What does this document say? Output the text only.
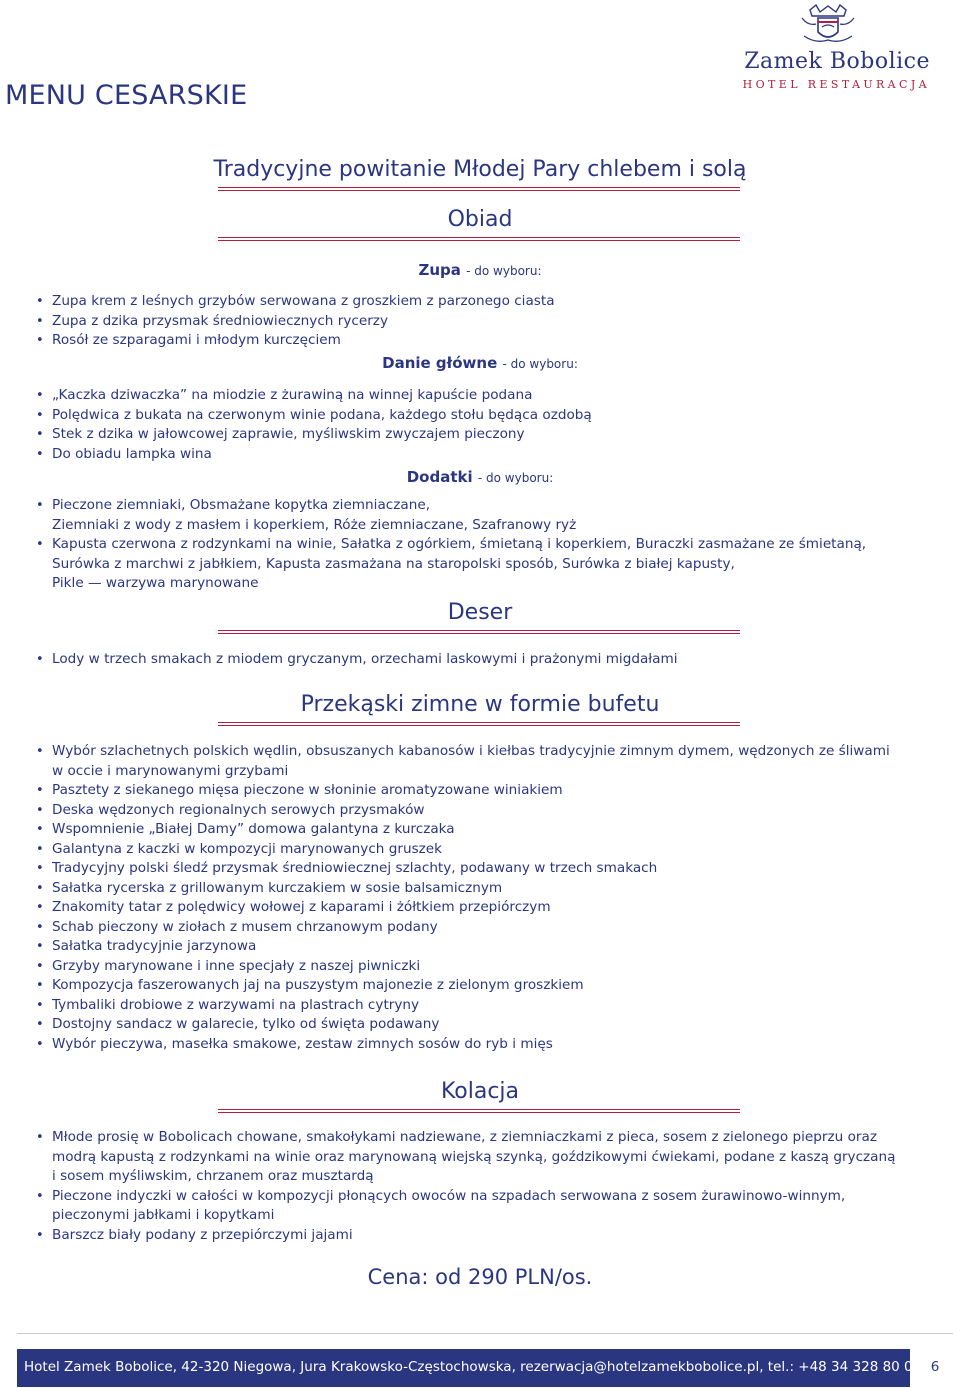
MENU CESARSKIE
Zamek Bobolice
HOTEL RESTAURACJA
Tradycyjne powitanie Młodej Pary chlebem i solą
Obiad
Zupa - do wyboru:
• Zupa krem z leśnych grzybów serwowana z groszkiem z parzonego ciasta
• Zupa z dzika przysmak średniowiecznych rycerzy
• Rosół ze szparagami i młodym kurczęciem
Danie główne - do wyboru:
• „Kaczka dziwaczka” na miodzie z żurawiną na winnej kapuście podana
• Polędwica z bukata na czerwonym winie podana, każdego stołu będąca ozdobą
• Stek z dzika w jałowcowej zaprawie, myśliwskim zwyczajem pieczony
• Do obiadu lampka wina
Dodatki - do wyboru:
• Pieczone ziemniaki, Obsmażane kopytka ziemniaczane,
Ziemniaki z wody z masłem i koperkiem, Róże ziemniaczane, Szafranowy ryż
• Kapusta czerwona z rodzynkami na winie, Sałatka z ogórkiem, śmietaną i koperkiem, Buraczki zasmażane ze śmietaną,
Surówka z marchwi z jabłkiem, Kapusta zasmażana na staropolski sposób, Surówka z białej kapusty,
Pikle — warzywa marynowane
Deser
• Lody w trzech smakach z miodem gryczanym, orzechami laskowymi i prażonymi migdałami
Przekąski zimne w formie bufetu
• Wybór szlachetnych polskich wędlin, obsuszanych kabanosów i kiełbas tradycyjnie zimnym dymem, wędzonych ze śliwami
w occie i marynowanymi grzybami
• Pasztety z siekanego mięsa pieczone w słoninie aromatyzowane winiakiem
• Deska wędzonych regionalnych serowych przysmaków
• Wspomnienie „Białej Damy” domowa galantyna z kurczaka
• Galantyna z kaczki w kompozycji marynowanych gruszek
• Tradycyjny polski śledź przysmak średniowiecznej szlachty, podawany w trzech smakach
• Sałatka rycerska z grillowanym kurczakiem w sosie balsamicznym
• Znakomity tatar z polędwicy wołowej z kaparami i żółtkiem przepiórczym
• Schab pieczony w ziołach z musem chrzanowym podany
• Sałatka tradycyjnie jarzynowa
• Grzyby marynowane i inne specjały z naszej piwniczki
• Kompozycja faszerowanych jaj na puszystym majonezie z zielonym groszkiem
• Tymbaliki drobiowe z warzywami na plastrach cytryny
• Dostojny sandacz w galarecie, tylko od święta podawany
• Wybór pieczywa, masełka smakowe, zestaw zimnych sosów do ryb i mięs
Kolacja
• Młode prosię w Bobolicach chowane, smakołykami nadziewane, z ziemniaczkami z pieca, sosem z zielonego pieprzu oraz
modrą kapustą z rodzynkami na winie oraz marynowaną wiejską szynką, goździkowymi ćwiekami, podane z kaszą gryczaną
i sosem myśliwskim, chrzanem oraz musztardą
• Pieczone indyczki w całości w kompozycji płonących owoców na szpadach serwowana z sosem żurawinowo-winnym,
pieczonymi jabłkami i kopytkami
• Barszcz biały podany z przepiórczymi jajami
Cena: od 290 PLN/os.
Hotel Zamek Bobolice, 42-320 Niegowa, Jura Krakowsko-Częstochowska, rezerwacja@hotelzamekbobolice.pl, tel.: +48 34 328 80 02 6
